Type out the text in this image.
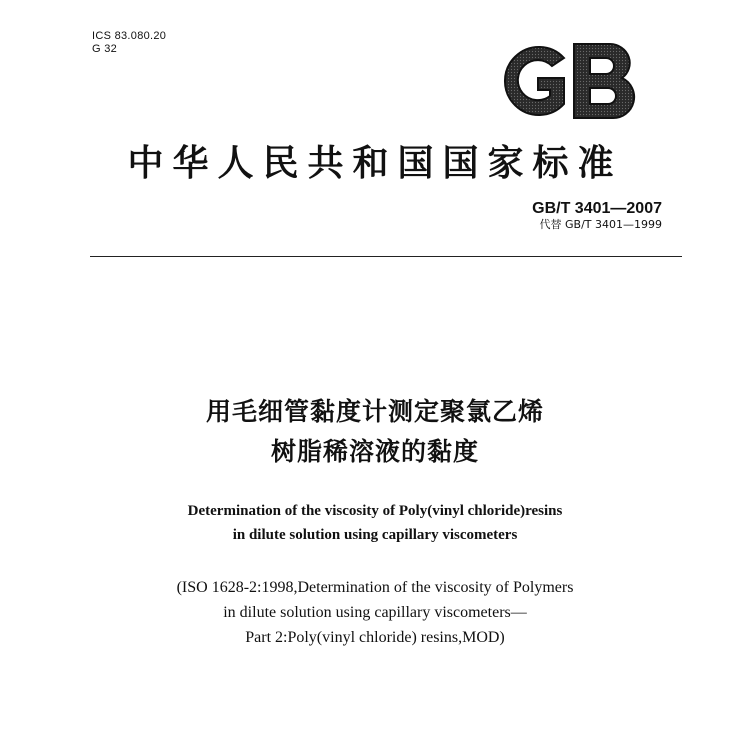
ICS 83.080.20
G 32
中华人民共和国国家标准
GB/T 3401—2007
代替 GB/T 3401—1999
用毛细管黏度计测定聚氯乙烯
树脂稀溶液的黏度
Determination of the viscosity of Poly(vinyl chloride)resins
in dilute solution using capillary viscometers
(ISO 1628-2:1998,Determination of the viscosity of Polymers
in dilute solution using capillary viscometers—
Part 2:Poly(vinyl chloride) resins,MOD)
